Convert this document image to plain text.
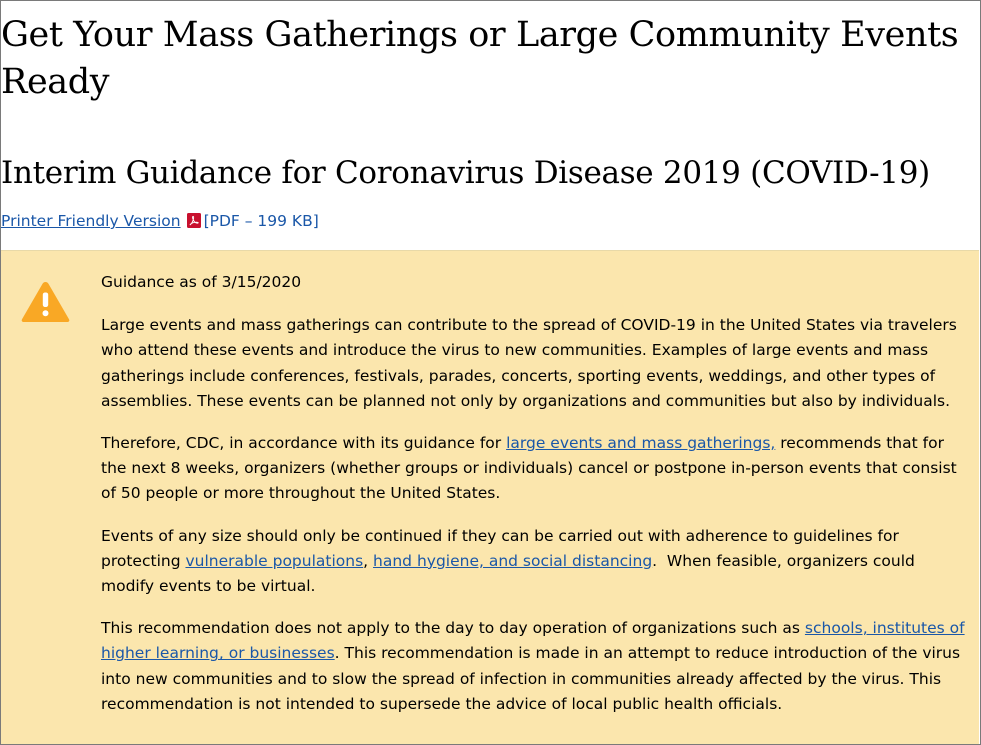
Get Your Mass Gatherings or Large Community Events Ready
Interim Guidance for Coronavirus Disease 2019 (COVID-19)
Printer Friendly Version [PDF – 199 KB]

Guidance as of 3/15/2020

Large events and mass gatherings can contribute to the spread of COVID-19 in the United States via travelers who attend these events and introduce the virus to new communities. Examples of large events and mass gatherings include conferences, festivals, parades, concerts, sporting events, weddings, and other types of assemblies. These events can be planned not only by organizations and communities but also by individuals.

Therefore, CDC, in accordance with its guidance for large events and mass gatherings, recommends that for the next 8 weeks, organizers (whether groups or individuals) cancel or postpone in-person events that consist of 50 people or more throughout the United States.

Events of any size should only be continued if they can be carried out with adherence to guidelines for protecting vulnerable populations, hand hygiene, and social distancing.  When feasible, organizers could modify events to be virtual.

This recommendation does not apply to the day to day operation of organizations such as schools, institutes of higher learning, or businesses. This recommendation is made in an attempt to reduce introduction of the virus into new communities and to slow the spread of infection in communities already affected by the virus. This recommendation is not intended to supersede the advice of local public health officials.
